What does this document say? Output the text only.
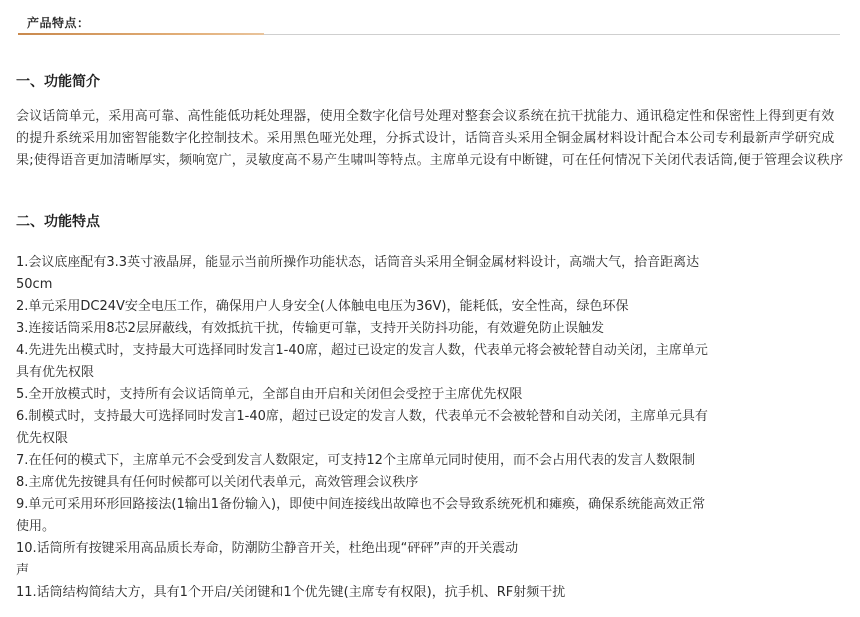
产品特点：
一、功能简介

会议话筒单元，采用高可靠、高性能低功耗处理器，使用全数字化信号处理对整套会议系统在抗干扰能力、通讯稳定性和保密性上得到更有效的提升系统采用加密智能数字化控制技术。采用黑色哑光处理，分拆式设计，话筒音头采用全铜金属材料设计配合本公司专利最新声学研究成果;使得语音更加清晰厚实，频响宽广，灵敏度高不易产生啸叫等特点。主席单元设有中断键，可在任何情况下关闭代表话筒,便于管理会议秩序

二、功能特点
1.会议底座配有3.3英寸液晶屏，能显示当前所操作功能状态，话筒音头采用全铜金属材料设计，高端大气，拾音距离达
50cm
2.单元采用DC24V安全电压工作，确保用户人身安全(人体触电电压为36V)，能耗低，安全性高，绿色环保
3.连接话筒采用8芯2层屏蔽线，有效抵抗干扰，传输更可靠，支持开关防抖功能，有效避免防止误触发
4.先进先出模式时，支持最大可选择同时发言1-40席，超过已设定的发言人数，代表单元将会被轮替自动关闭，主席单元
具有优先权限
5.全开放模式时，支持所有会议话筒单元，全部自由开启和关闭但会受控于主席优先权限
6.制模式时，支持最大可选择同时发言1-40席，超过已设定的发言人数，代表单元不会被轮替和自动关闭，主席单元具有
优先权限
7.在任何的模式下，主席单元不会受到发言人数限定，可支持12个主席单元同时使用，而不会占用代表的发言人数限制
8.主席优先按键具有任何时候都可以关闭代表单元，高效管理会议秩序
9.单元可采用环形回路接法(1输出1备份输入)，即使中间连接线出故障也不会导致系统死机和瘫痪，确保系统能高效正常
使用。
10.话筒所有按键采用高品质长寿命，防潮防尘静音开关，杜绝出现“砰砰”声的开关震动
声
11.话筒结构简结大方，具有1个开启/关闭键和1个优先键(主席专有权限)，抗手机、RF射频干扰
